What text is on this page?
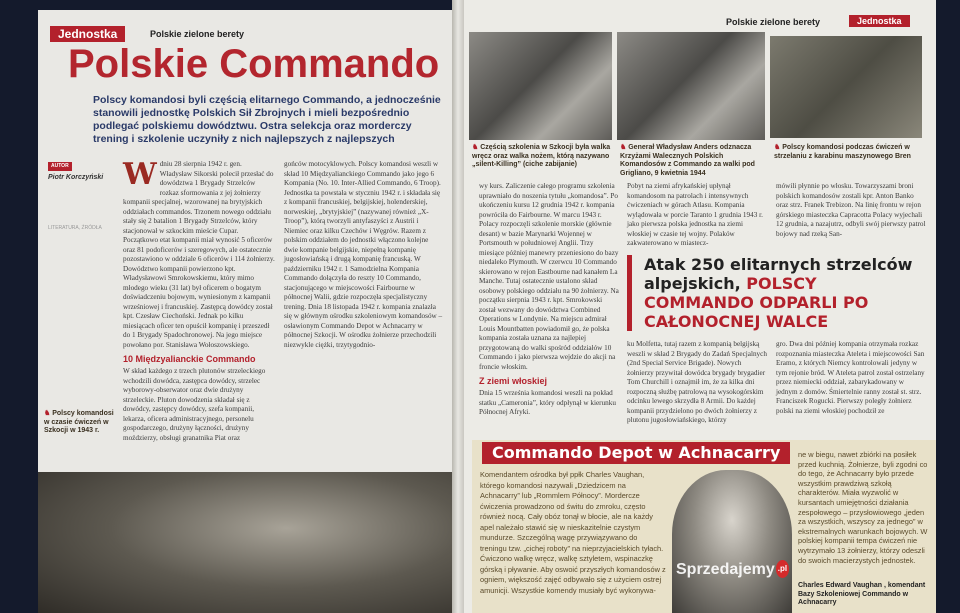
Jednostka	Polskie zielone berety
Polskie Commando
Polscy komandosi byli częścią elitarnego Commando, a jednocześnie stanowili jednostkę Polskich Sił Zbrojnych i mieli bezpośrednio podlegać polskiemu dowództwu. Ostra selekcja oraz morderczy trening i szkolenie uczyniły z nich najlepszych z najlepszych
AUTOR
Piotr Korczyński
LITERATURA, ŹRÓDŁA

Wdniu 28 sierpnia 1942 r. gen. Władysław Sikorski polecił przesłać do dowództwa 1 Brygady Strzelców rozkaz sformowania z jej żołnierzy kompanii specjalnej, wzorowanej na brytyjskich oddziałach commandos. Trzonem nowego oddziału stały się 2 batalion 1 Brygady Strzelców, który stacjonował w szkockim mieście Cupar. Początkowo etat kompanii miał wynosić 5 oficerów oraz 81 podoficerów i szeregowych, ale ostatecznie pozostawiono w oddziale 6 oficerów i 114 żołnierzy. Dowództwo kompanii powierzono kpt. Władysławowi Smrokowskiemu, który mimo młodego wieku (31 lat) był oficerem o bogatym doświadczeniu bojowym, wyniesionym z kampanii wrześniowej i francuskiej. Zastępcą dowódcy został kpt. Czesław Ciechoński. Jednak po kilku miesiącach oficer ten opuścił kompanię i przeszedł do 1 Brygady Spadochronowej. Na jego miejsce powołano por. Stanisława Wołoszowskiego.

10 Międzyalianckie Commando

W skład każdego z trzech plutonów strzeleckiego wchodzili dowódca, zastępca dowódcy, strzelec wyborowy-obserwator oraz dwie drużyny strzeleckie. Pluton dowodzenia składał się z dowódcy, zastępcy dowódcy, szefa kompanii, lekarza, oficera administracyjnego, personelu gospodarczego, drużyny łączności, drużyny moździerzy, obsługi granatnika Piat oraz

gońców motocyklowych. Polscy komandosi weszli w skład 10 Międzyalianckiego Commando jako jego 6 Kompania (No. 10. Inter-Allied Commando, 6 Troop). Jednostka ta powstała w styczniu 1942 r. i składała się z kompanii francuskiej, belgijskiej, holenderskiej, norweskiej, „brytyjskiej” (nazywanej również „X-Troop”), którą tworzyli antyfaszyści z Austrii i Niemiec oraz kilku Czechów i Węgrów. Razem z polskim oddziałem do jednostki włączono kolejne dwie kompanie belgijskie, niepełną kompanię jugosłowiańską i drugą kompanię francuską. W październiku 1942 r. 1 Samodzielna Kompania Commando dołączyła do reszty 10 Commando, stacjonującego w miejscowości Fairbourne w północnej Walii, gdzie rozpoczęła specjalistyczny trening. Dnia 18 listopada 1942 r. kompania znalazła się w głównym ośrodku szkoleniowym komandosów – osławionym Commando Depot w Achnacarry w północnej Szkocji. W ośrodku żołnierze przechodzili niezwykle ciężki, trzytygodnio-
♞ Polscy komandosi w czasie ćwiczeń w Szkocji w 1943 r.
Polskie zielone berety	Jednostka
♞ Częścią szkolenia w Szkocji była walka wręcz oraz walka nożem, którą nazywano „silent-Killing” (ciche zabijanie)
♞ Generał Władysław Anders odznacza Krzyżami Walecznych Polskich Komandosów z Commando za walki pod Grigliano, 9 kwietnia 1944
♞ Polscy komandosi podczas ćwiczeń w strzelaniu z karabinu maszynowego Bren

wy kurs. Zaliczenie całego programu szkolenia uprawniało do noszenia tytułu „komandosa”. Po ukończeniu kursu 12 grudnia 1942 r. kompania powróciła do Fairbourne. W marcu 1943 r. Polacy rozpoczęli szkolenie morskie (głównie desant) w bazie Marynarki Wojennej w Portsmouth w południowej Anglii. Trzy miesiące później manewry przeniesiono do bazy niedaleko Plymouth. W czerwcu 10 Commando skierowano w rejon Eastbourne nad kanałem La Manche. Tutaj ostatecznie ustalono skład osobowy polskiego oddziału na 90 żołnierzy. Na początku sierpnia 1943 r. kpt. Smrokowski został wezwany do dowództwa Combined Operations w Londynie. Na miejscu admirał Louis Mountbatten powiadomił go, że polska kompania została uznana za najlepiej przygotowaną do walki spośród oddziałów 10 Commando i jako pierwsza wejdzie do akcji na froncie włoskim.

Z ziemi włoskiej

Dnia 15 września komandosi weszli na pokład statku „Cameronia”, który odpłynął w kierunku Północnej Afryki.

Pobyt na ziemi afrykańskiej upłynął komandosom na patrolach i intensywnych ćwiczeniach w górach Atlasu. Kompania wylądowała w porcie Taranto 1 grudnia 1943 r. jako pierwsza polska jednostka na ziemi włoskiej w czasie tej wojny. Polaków zakwaterowano w miastecz-
mówili płynnie po włosku. Towarzyszami broni polskich komandosów zostali kpr. Anton Banko oraz strz. Franek Trebizon. Na linię frontu w rejon górskiego miasteczka Capracotta Polacy wyjechali 12 grudnia, a nazajutrz, odbyli swój pierwszy patrol bojowy nad rzeką San-
Atak 250 elitarnych strzelców alpejskich, POLSCY COMMANDO ODPARLI PO CAŁONOCNEJ WALCE
ku Molfetta, tutaj razem z kompanią belgijską weszli w skład 2 Brygady do Zadań Specjalnych (2nd Special Service Brigade). Nowych żołnierzy przywitał dowódca brygady brygadier Tom Churchill i oznajmił im, że za kilka dni rozpoczną służbę patrolową na wysokogórskim odcinku lewego skrzydła 8 Armii. Do każdej kompanii przydzielono po dwóch żołnierzy z plutonu jugosłowiańskiego, którzy
gro. Dwa dni później kompania otrzymała rozkaz rozpoznania miasteczka Ateleta i miejscowości San Eramo, z których Niemcy kontrolowali jedyny w tym rejonie bród. W Ateleta patrol został ostrzelany przez niemiecki oddział, zabarykadowany w jednym z domów. Śmiertelnie ranny został st. strz. Franciszek Rogucki. Pierwszy poległy żołnierz polski na ziemi włoskiej pochodził ze
Commando Depot w Achnacarry
Komendantem ośrodka był ppłk Charles Vaughan, którego komandosi nazywali „Dziedzicem na Achnacarry” lub „Rommlem Północy”. Mordercze ćwiczenia prowadzono od świtu do zmroku, często również nocą. Cały obóz tonął w błocie, ale na każdy apel należało stawić się w nieskazitelnie czystym mundurze. Szczególną wagę przywiązywano do treningu tzw. „cichej roboty” na nieprzyjacielskich tyłach. Ćwiczono walkę wręcz, walkę sztyletem, wspinaczkę górską i pływanie. Aby oswoić przyszłych komandosów z ogniem, większość zajęć odbywało się z użyciem ostrej amunicji. Wszystkie komendy musiały być wykonywa-
ne w biegu, nawet zbiórki na posiłek przed kuchnią. Żołnierze, byli zgodni co do tego, że Achnacarry było przede wszystkim prawdziwą szkołą charakterów. Miała wyzwolić w kursantach umiejętności działania zespołowego – przysłowiowego „jeden za wszystkich, wszyscy za jednego” w ekstremalnych warunkach bojowych. W polskiej kompanii tempa ćwiczeń nie wytrzymało 13 żołnierzy, którzy odeszli do swoich macierzystych jednostek.
Charles Edward Vaughan , komendant Bazy Szkoleniowej Commando w Achnacarry
Sprzedajemy .pl
